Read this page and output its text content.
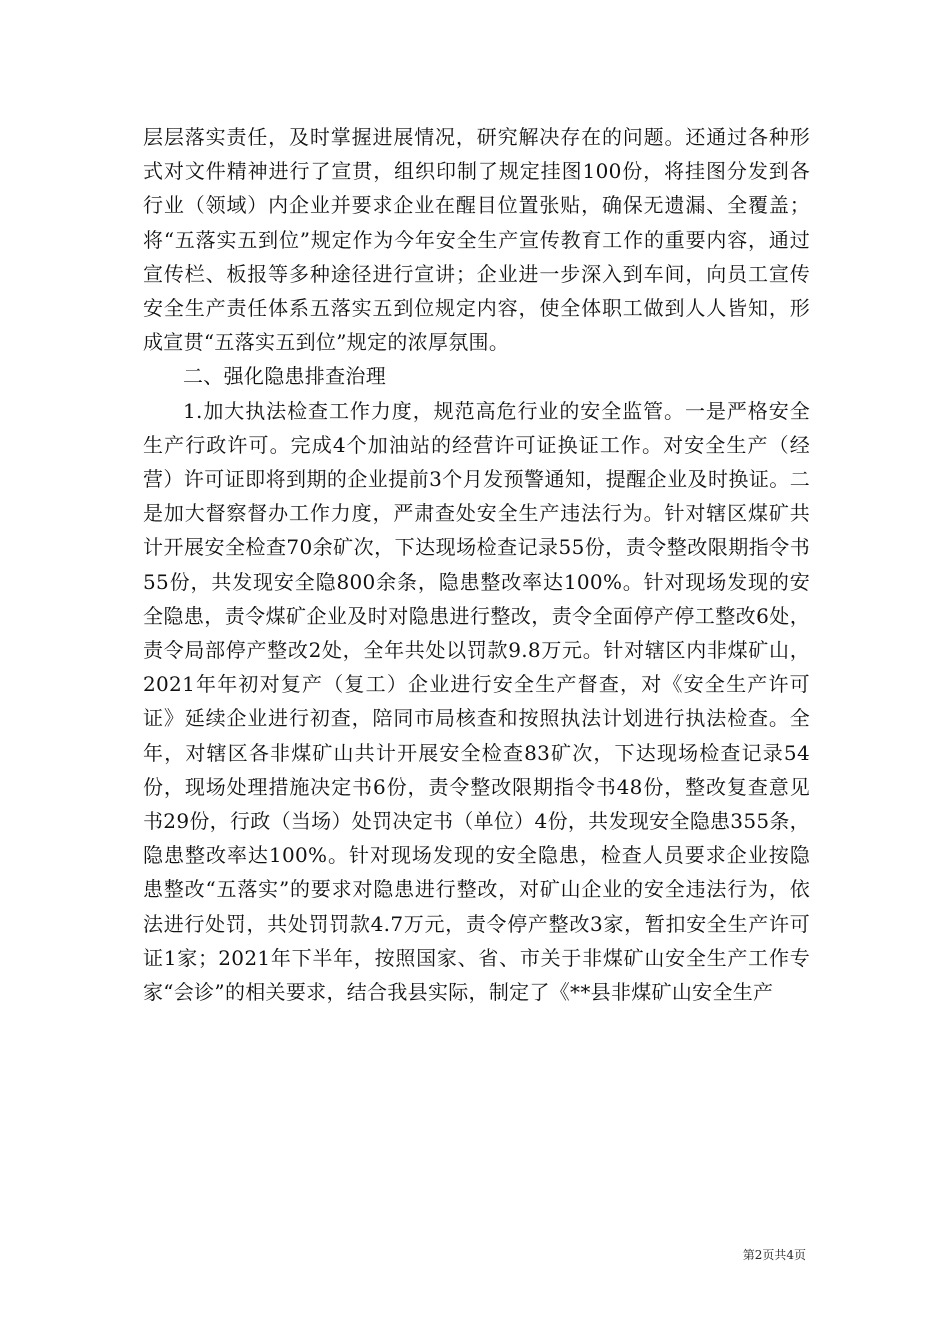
层层落实责任，及时掌握进展情况，研究解决存在的问题。还通过各种形式对文件精神进行了宣贯，组织印制了规定挂图100份，将挂图分发到各行业（领域）内企业并要求企业在醒目位置张贴，确保无遗漏、全覆盖；将“五落实五到位”规定作为今年安全生产宣传教育工作的重要内容，通过宣传栏、板报等多种途径进行宣讲；企业进一步深入到车间，向员工宣传安全生产责任体系五落实五到位规定内容，使全体职工做到人人皆知，形成宣贯“五落实五到位”规定的浓厚氛围。

二、强化隐患排查治理

1.加大执法检查工作力度，规范高危行业的安全监管。一是严格安全生产行政许可。完成4个加油站的经营许可证换证工作。对安全生产（经营）许可证即将到期的企业提前3个月发预警通知，提醒企业及时换证。二是加大督察督办工作力度，严肃查处安全生产违法行为。针对辖区煤矿共计开展安全检查70余矿次，下达现场检查记录55份，责令整改限期指令书55份，共发现安全隐800余条，隐患整改率达100%。针对现场发现的安全隐患，责令煤矿企业及时对隐患进行整改，责令全面停产停工整改6处，责令局部停产整改2处，全年共处以罚款9.8万元。针对辖区内非煤矿山，2021年年初对复产（复工）企业进行安全生产督查，对《安全生产许可证》延续企业进行初查，陪同市局核查和按照执法计划进行执法检查。全年，对辖区各非煤矿山共计开展安全检查83矿次，下达现场检查记录54份，现场处理措施决定书6份，责令整改限期指令书48份，整改复查意见书29份，行政（当场）处罚决定书（单位）4份，共发现安全隐患355条，隐患整改率达100%。针对现场发现的安全隐患，检查人员要求企业按隐患整改“五落实”的要求对隐患进行整改，对矿山企业的安全违法行为，依法进行处罚，共处罚罚款4.7万元，责令停产整改3家，暂扣安全生产许可证1家；2021年下半年，按照国家、省、市关于非煤矿山安全生产工作专家“会诊”的相关要求，结合我县实际，制定了《**县非煤矿山安全生产

第2页共4页
